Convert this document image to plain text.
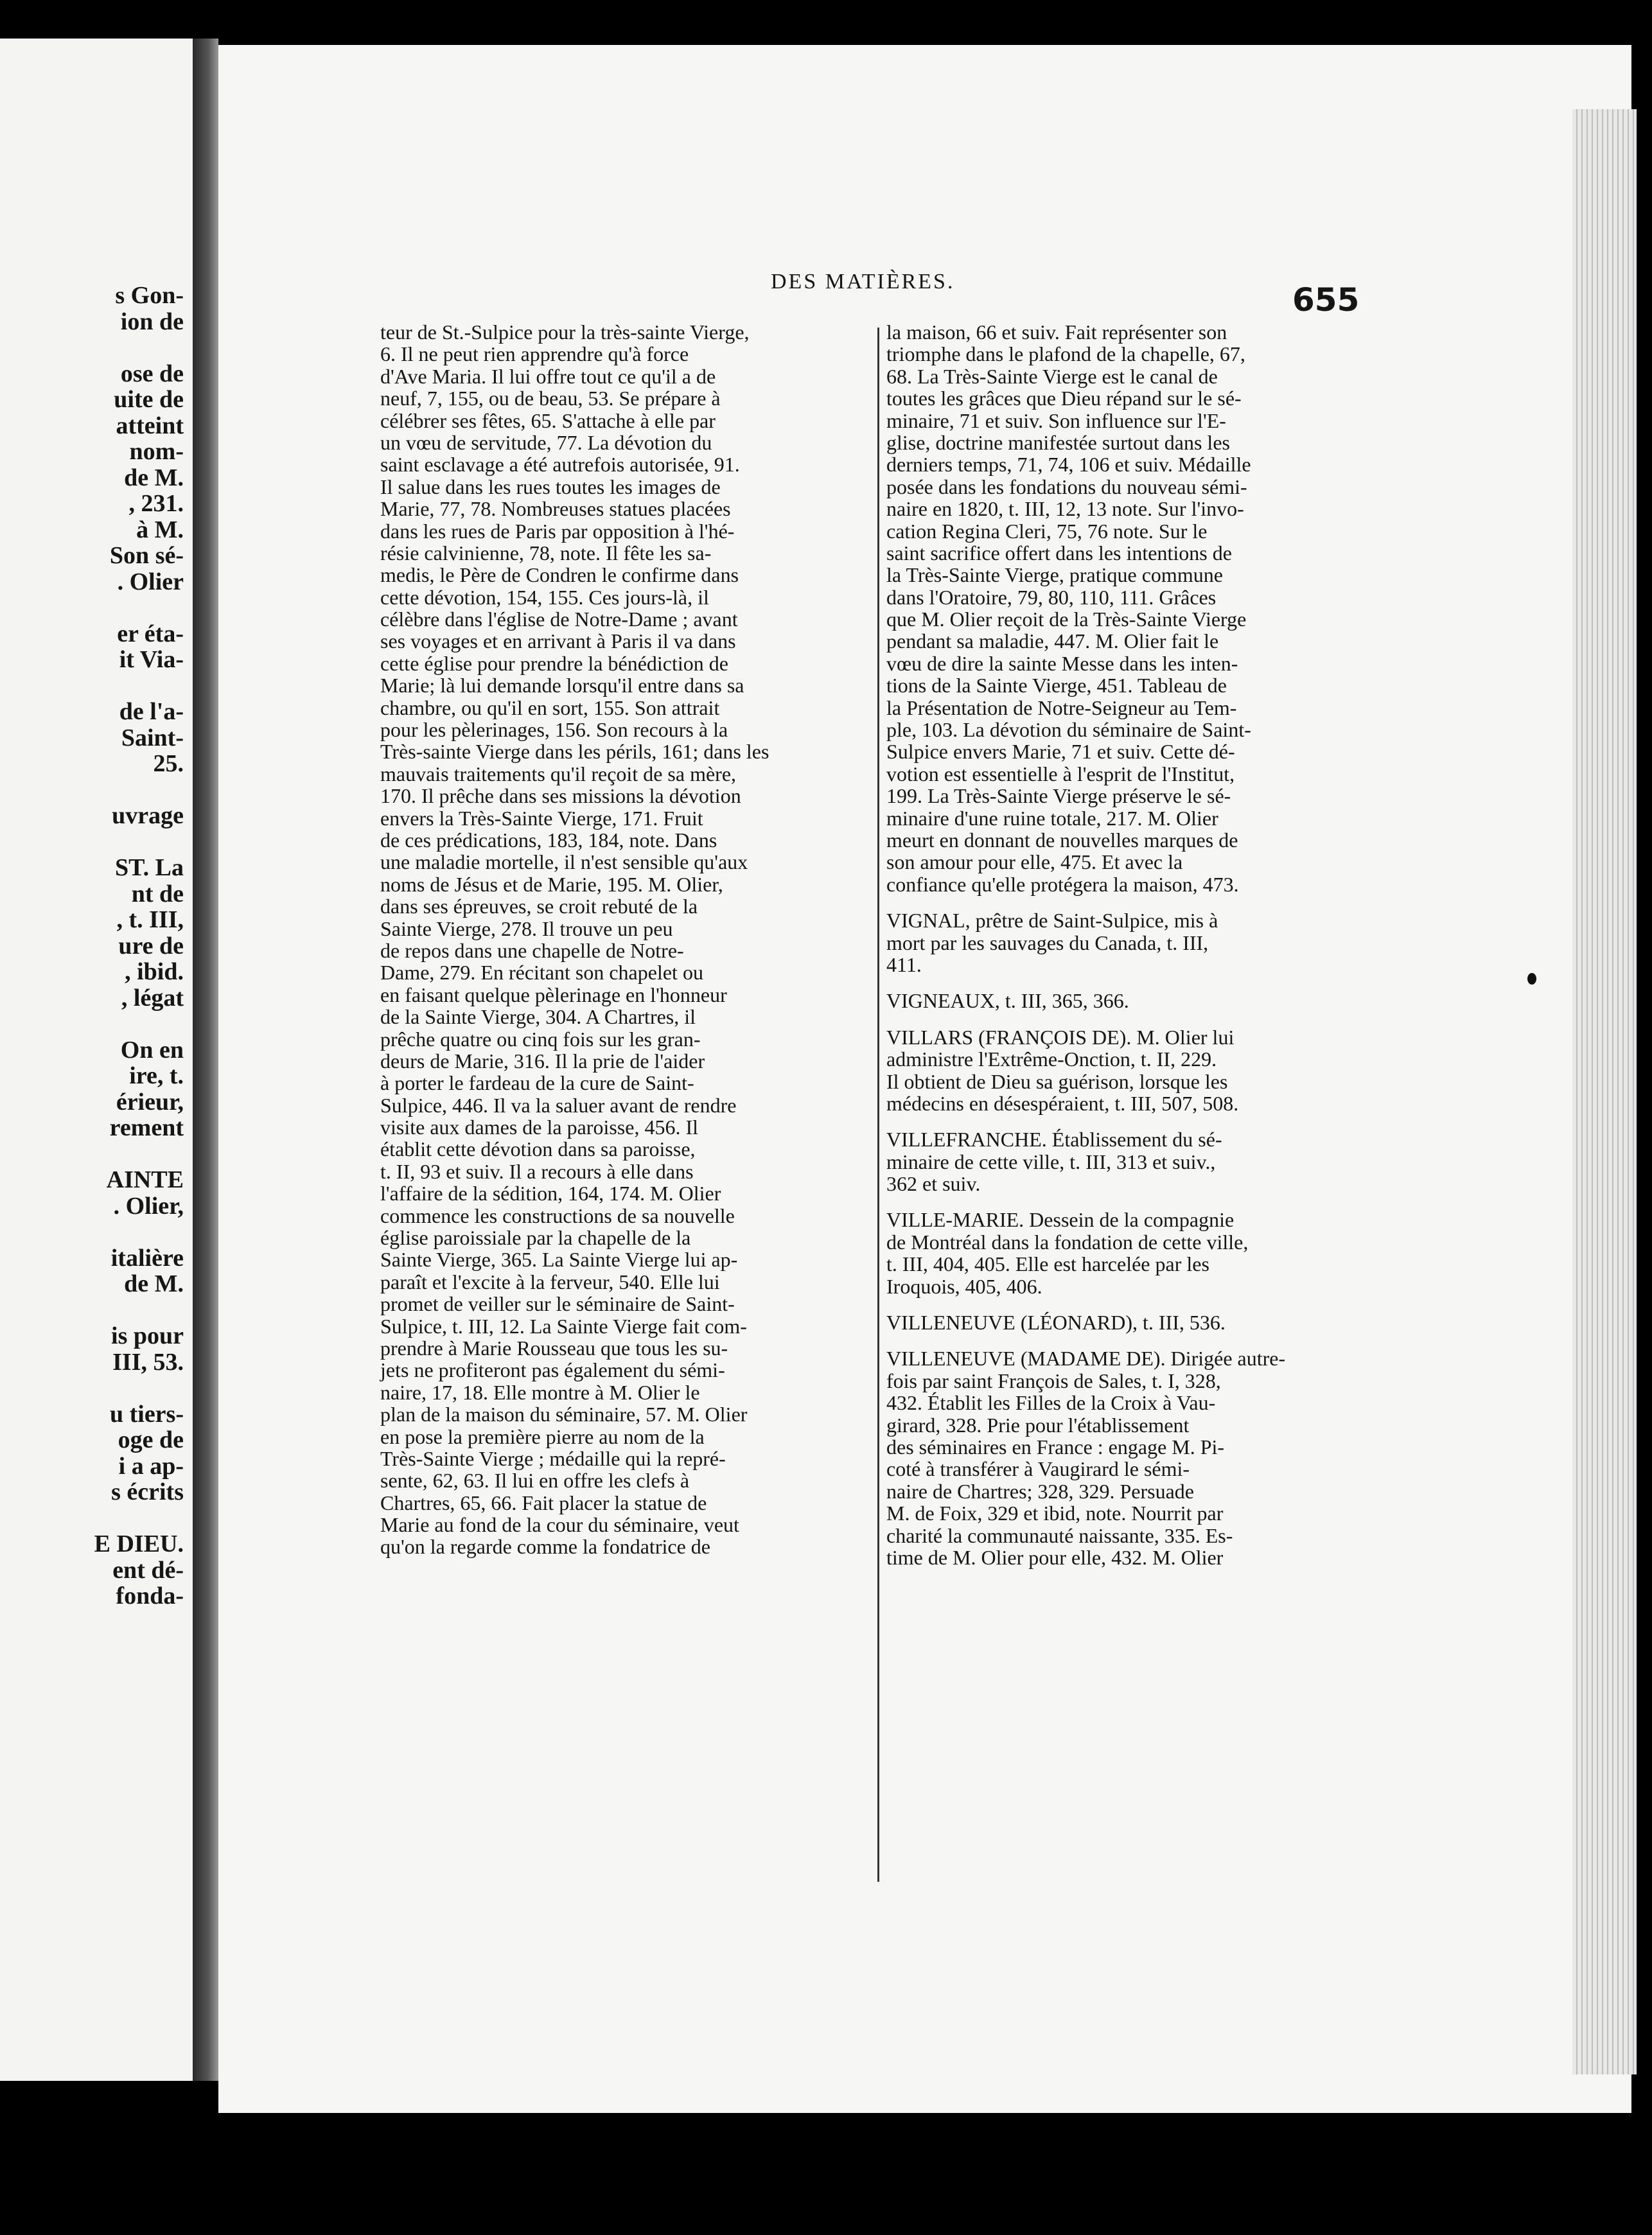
s Gon-
ion de
ose de
uite de
atteint
nom-
de M.
, 231.
à M.
Son sé-
. Olier
er éta-
it Via-
de l'a-
Saint-
25.
uvrage
ST. La
nt de
, t. III,
ure de
, ibid.
, légat
On en
ire, t.
érieur,
rement
AINTE
. Olier,
italière
de M.
is pour
III, 53.
u tiers-
oge de
i a ap-
s écrits
E DIEU.
ent dé-
fonda-
DES MATIÈRES.	655
teur de St.-Sulpice pour la très-sainte Vierge,
6. Il ne peut rien apprendre qu'à force
d'Ave Maria. Il lui offre tout ce qu'il a de
neuf, 7, 155, ou de beau, 53. Se prépare à
célébrer ses fêtes, 65. S'attache à elle par
un vœu de servitude, 77. La dévotion du
saint esclavage a été autrefois autorisée, 91.
Il salue dans les rues toutes les images de
Marie, 77, 78. Nombreuses statues placées
dans les rues de Paris par opposition à l'hé-
résie calvinienne, 78, note. Il fête les sa-
medis, le Père de Condren le confirme dans
cette dévotion, 154, 155. Ces jours-là, il
célèbre dans l'église de Notre-Dame ; avant
ses voyages et en arrivant à Paris il va dans
cette église pour prendre la bénédiction de
Marie; là lui demande lorsqu'il entre dans sa
chambre, ou qu'il en sort, 155. Son attrait
pour les pèlerinages, 156. Son recours à la
Très-sainte Vierge dans les périls, 161; dans les
mauvais traitements qu'il reçoit de sa mère,
170. Il prêche dans ses missions la dévotion
envers la Très-Sainte Vierge, 171. Fruit
de ces prédications, 183, 184, note. Dans
une maladie mortelle, il n'est sensible qu'aux
noms de Jésus et de Marie, 195. M. Olier,
dans ses épreuves, se croit rebuté de la
Sainte Vierge, 278. Il trouve un peu
de repos dans une chapelle de Notre-
Dame, 279. En récitant son chapelet ou
en faisant quelque pèlerinage en l'honneur
de la Sainte Vierge, 304. A Chartres, il
prêche quatre ou cinq fois sur les gran-
deurs de Marie, 316. Il la prie de l'aider
à porter le fardeau de la cure de Saint-
Sulpice, 446. Il va la saluer avant de rendre
visite aux dames de la paroisse, 456. Il
établit cette dévotion dans sa paroisse,
t. II, 93 et suiv. Il a recours à elle dans
l'affaire de la sédition, 164, 174. M. Olier
commence les constructions de sa nouvelle
église paroissiale par la chapelle de la
Sainte Vierge, 365. La Sainte Vierge lui ap-
paraît et l'excite à la ferveur, 540. Elle lui
promet de veiller sur le séminaire de Saint-
Sulpice, t. III, 12. La Sainte Vierge fait com-
prendre à Marie Rousseau que tous les su-
jets ne profiteront pas également du sémi-
naire, 17, 18. Elle montre à M. Olier le
plan de la maison du séminaire, 57. M. Olier
en pose la première pierre au nom de la
Très-Sainte Vierge ; médaille qui la repré-
sente, 62, 63. Il lui en offre les clefs à
Chartres, 65, 66. Fait placer la statue de
Marie au fond de la cour du séminaire, veut
qu'on la regarde comme la fondatrice de
la maison, 66 et suiv. Fait représenter son
triomphe dans le plafond de la chapelle, 67,
68. La Très-Sainte Vierge est le canal de
toutes les grâces que Dieu répand sur le sé-
minaire, 71 et suiv. Son influence sur l'E-
glise, doctrine manifestée surtout dans les
derniers temps, 71, 74, 106 et suiv. Médaille
posée dans les fondations du nouveau sémi-
naire en 1820, t. III, 12, 13 note. Sur l'invo-
cation Regina Cleri, 75, 76 note. Sur le
saint sacrifice offert dans les intentions de
la Très-Sainte Vierge, pratique commune
dans l'Oratoire, 79, 80, 110, 111. Grâces
que M. Olier reçoit de la Très-Sainte Vierge
pendant sa maladie, 447. M. Olier fait le
vœu de dire la sainte Messe dans les inten-
tions de la Sainte Vierge, 451. Tableau de
la Présentation de Notre-Seigneur au Tem-
ple, 103. La dévotion du séminaire de Saint-
Sulpice envers Marie, 71 et suiv. Cette dé-
votion est essentielle à l'esprit de l'Institut,
199. La Très-Sainte Vierge préserve le sé-
minaire d'une ruine totale, 217. M. Olier
meurt en donnant de nouvelles marques de
son amour pour elle, 475. Et avec la
confiance qu'elle protégera la maison, 473.
VIGNAL, prêtre de Saint-Sulpice, mis à
mort par les sauvages du Canada, t. III,
411.
VIGNEAUX, t. III, 365, 366.
VILLARS (FRANÇOIS DE). M. Olier lui
administre l'Extrême-Onction, t. II, 229.
Il obtient de Dieu sa guérison, lorsque les
médecins en désespéraient, t. III, 507, 508.
VILLEFRANCHE. Établissement du sé-
minaire de cette ville, t. III, 313 et suiv.,
362 et suiv.
VILLE-MARIE. Dessein de la compagnie
de Montréal dans la fondation de cette ville,
t. III, 404, 405. Elle est harcelée par les
Iroquois, 405, 406.
VILLENEUVE (LÉONARD), t. III, 536.
VILLENEUVE (MADAME DE). Dirigée autre-
fois par saint François de Sales, t. I, 328,
432. Établit les Filles de la Croix à Vau-
girard, 328. Prie pour l'établissement
des séminaires en France : engage M. Pi-
coté à transférer à Vaugirard le sémi-
naire de Chartres; 328, 329. Persuade
M. de Foix, 329 et ibid, note. Nourrit par
charité la communauté naissante, 335. Es-
time de M. Olier pour elle, 432. M. Olier
